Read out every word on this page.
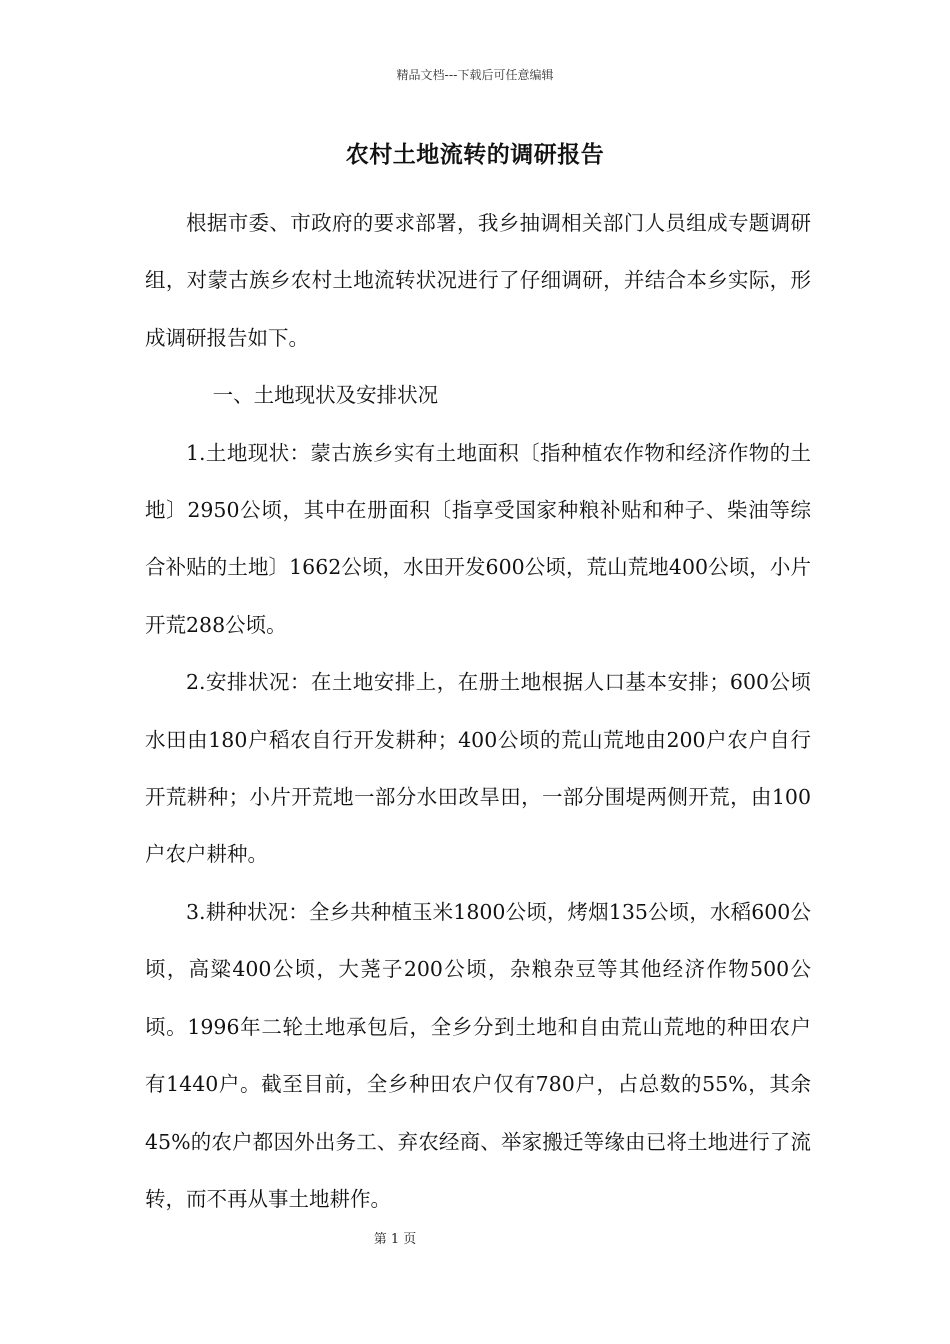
精品文档---下载后可任意编辑
农村土地流转的调研报告

根据市委、市政府的要求部署，我乡抽调相关部门人员组成专题调研组，对蒙古族乡农村土地流转状况进行了仔细调研，并结合本乡实际，形成调研报告如下。

一、土地现状及安排状况

1.土地现状：蒙古族乡实有土地面积〔指种植农作物和经济作物的土地〕2950公顷，其中在册面积〔指享受国家种粮补贴和种子、柴油等综合补贴的土地〕1662公顷，水田开发600公顷，荒山荒地400公顷，小片开荒288公顷。

2.安排状况：在土地安排上，在册土地根据人口基本安排；600公顷水田由180户稻农自行开发耕种；400公顷的荒山荒地由200户农户自行开荒耕种；小片开荒地一部分水田改旱田，一部分围堤两侧开荒，由100户农户耕种。

3.耕种状况：全乡共种植玉米1800公顷，烤烟135公顷，水稻600公顷，高粱400公顷，大荛子200公顷，杂粮杂豆等其他经济作物500公顷。1996年二轮土地承包后，全乡分到土地和自由荒山荒地的种田农户有1440户。截至目前，全乡种田农户仅有780户，占总数的55%，其余45%的农户都因外出务工、弃农经商、举家搬迁等缘由已将土地进行了流转，而不再从事土地耕作。

第 1 页
